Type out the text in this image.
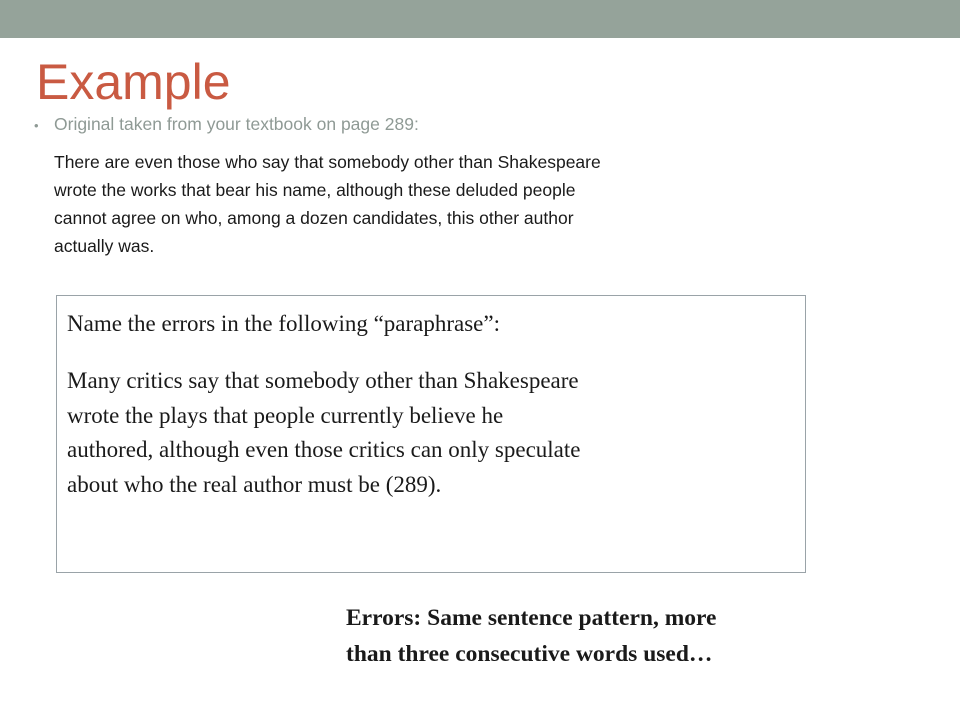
Example
• Original taken from your textbook on page 289:

There are even those who say that somebody other than Shakespeare
wrote the works that bear his name, although these deluded people
cannot agree on who, among a dozen candidates, this other author
actually was.

Name the errors in the following “paraphrase”:

Many critics say that somebody other than Shakespeare
wrote the plays that people currently believe he
authored, although even those critics can only speculate
about who the real author must be (289).

Errors: Same sentence pattern, more
than three consecutive words used…
